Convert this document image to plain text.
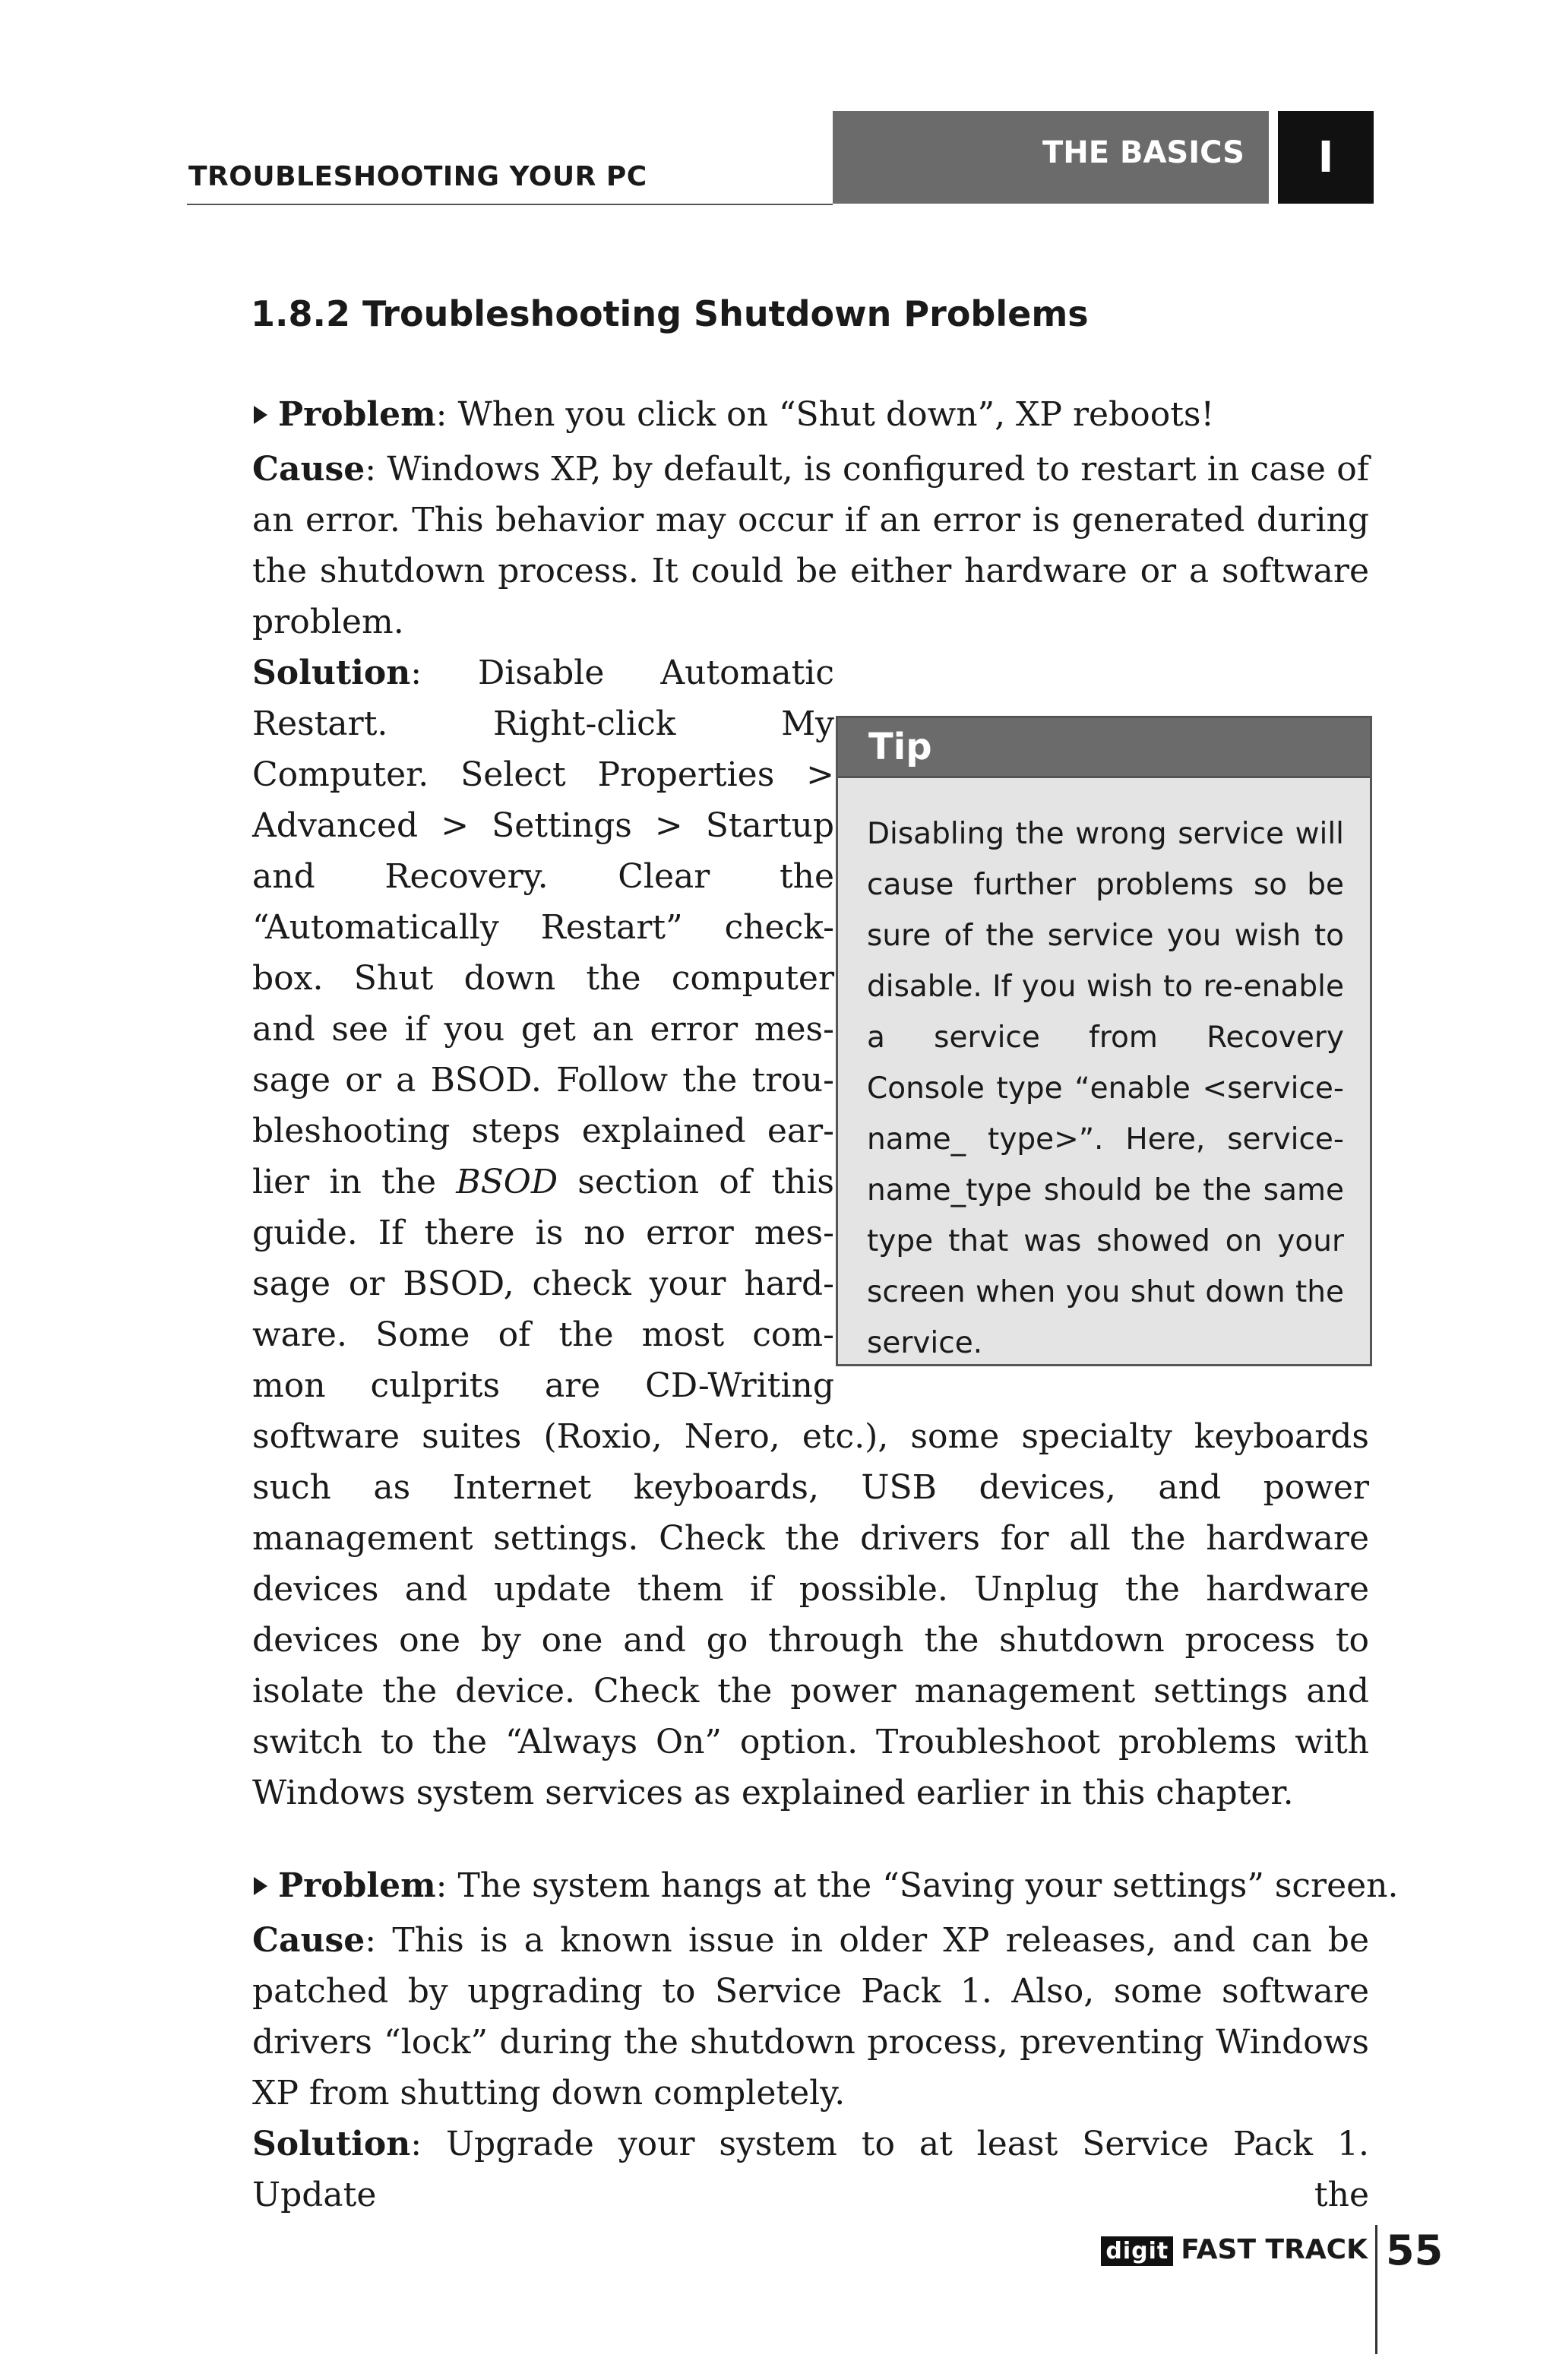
TROUBLESHOOTING YOUR PC
THE BASICS	I
1.8.2 Troubleshooting Shutdown Problems
Problem: When you click on “Shut down”, XP reboots!
Cause: Windows XP, by default, is configured to restart in case of an error. This behavior may occur if an error is generated during the shutdown process. It could be either hardware or a software problem.
Solution: Disable Automatic
Restart. Right-click My
Computer. Select Properties >
Advanced > Settings > Startup
and Recovery. Clear the
“Automatically Restart” check-
box. Shut down the computer
and see if you get an error mes-
sage or a BSOD. Follow the trou-
bleshooting steps explained ear-
lier in the BSOD section of this
guide. If there is no error mes-
sage or BSOD, check your hard-
ware. Some of the most com-
mon culprits are CD-Writing
software suites (Roxio, Nero, etc.), some specialty keyboards such as Internet keyboards, USB devices, and power management settings. Check the drivers for all the hardware devices and update them if possible. Unplug the hardware devices one by one and go through the shutdown process to isolate the device. Check the power management settings and switch to the “Always On” option. Troubleshoot problems with Windows system services as explained earlier in this chapter.
Tip
Disabling the wrong service will cause further problems so be sure of the service you wish to disable. If you wish to re-enable a service from Recovery Console type “enable <service-name_ type>”. Here, service-name_type should be the same type that was showed on your screen when you shut down the service.
Problem: The system hangs at the “Saving your settings” screen.
Cause: This is a known issue in older XP releases, and can be patched by upgrading to Service Pack 1. Also, some software drivers “lock” during the shutdown process, preventing Windows XP from shutting down completely.
Solution: Upgrade your system to at least Service Pack 1. Update the
digit FAST TRACK 55
